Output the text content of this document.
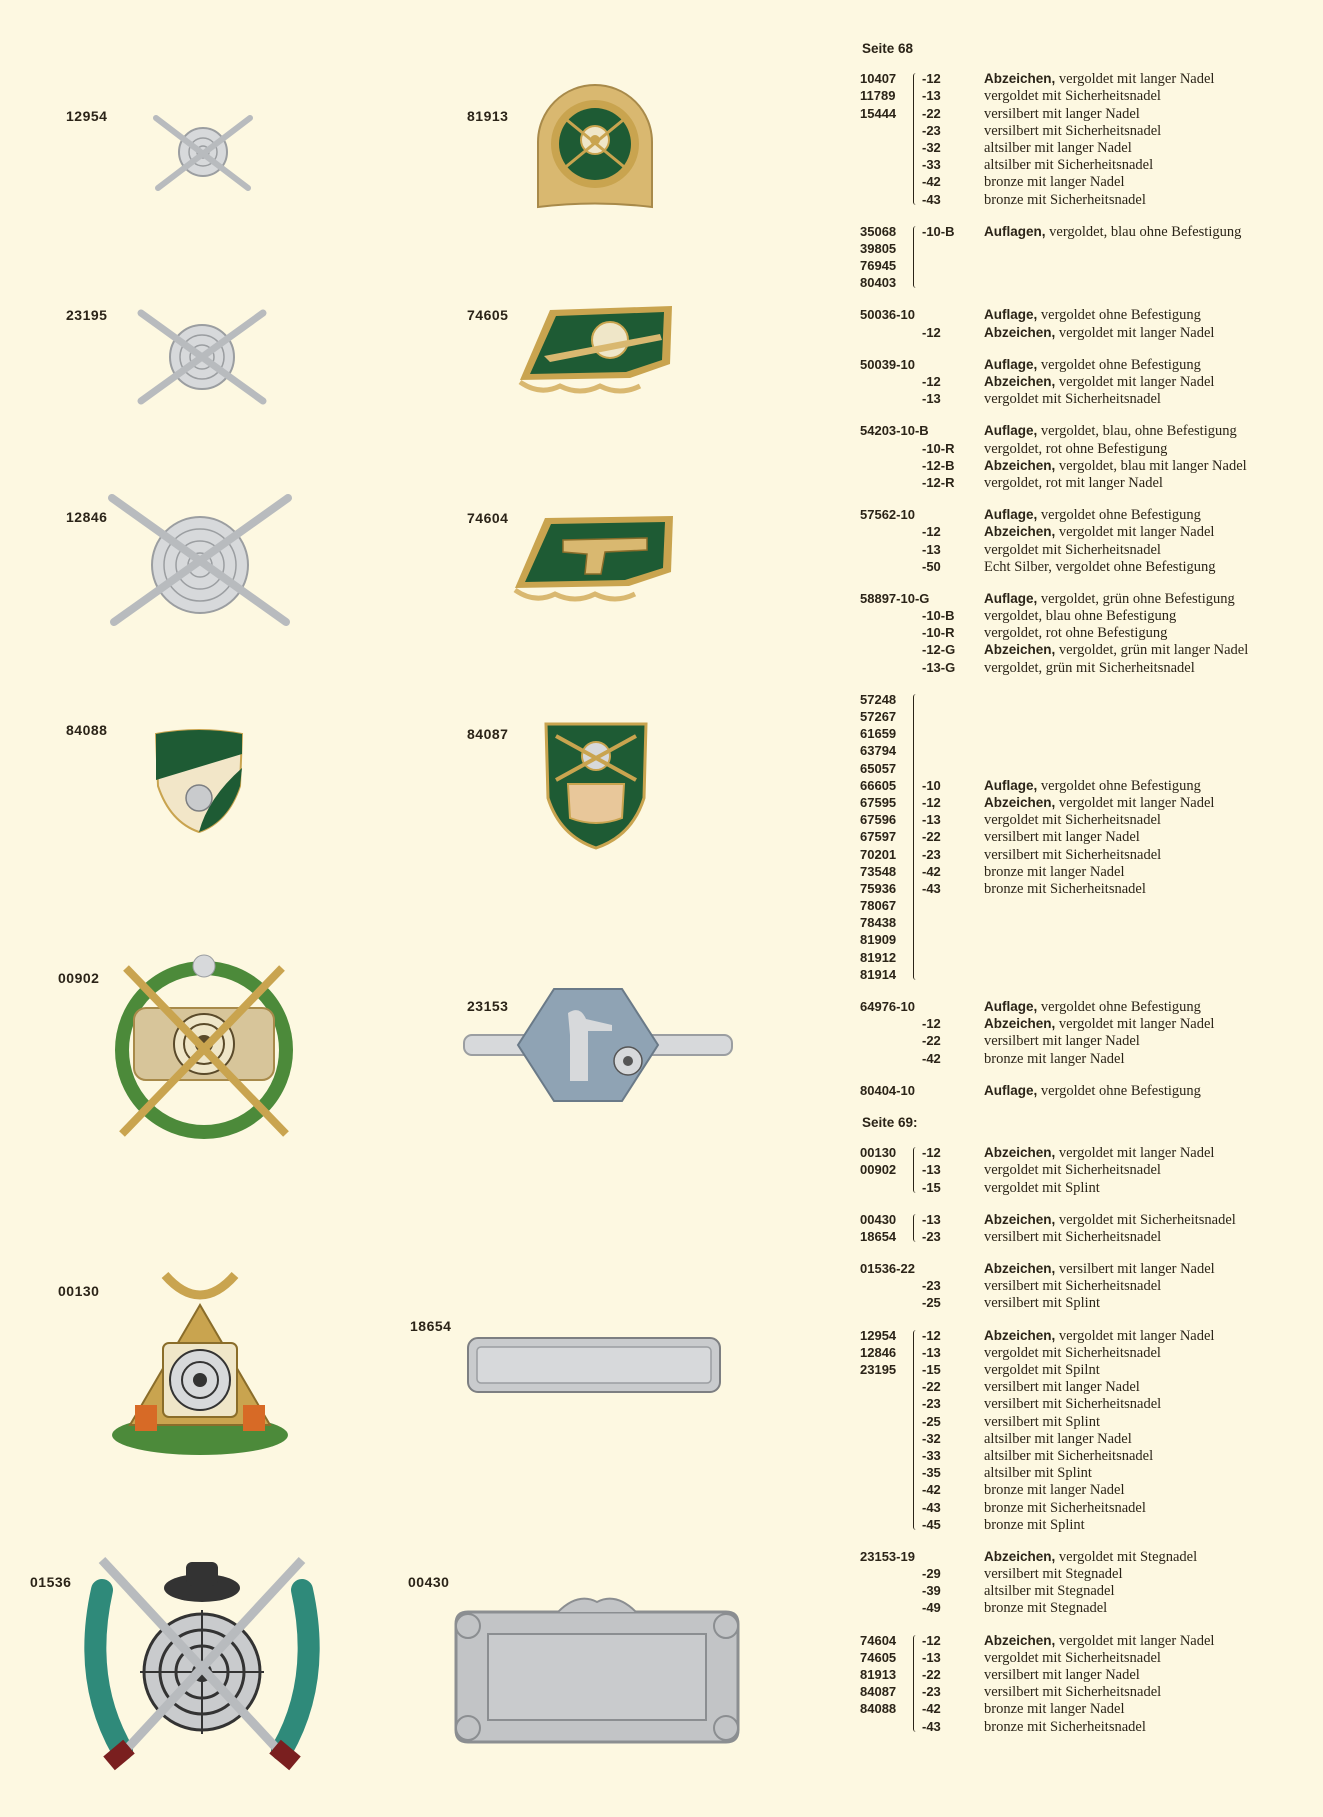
12954
23195
12846
84088
00902
00130
01536
81913
74605
74604
84087
23153
18654
00430
Seite 68
10407
11789
15444
-12
-13
-22
-23
-32
-33
-42
-43
Abzeichen, vergoldet mit langer Nadel
vergoldet mit Sicherheitsnadel
versilbert mit langer Nadel
versilbert mit Sicherheitsnadel
altsilber mit langer Nadel
altsilber mit Sicherheitsnadel
bronze mit langer Nadel
bronze mit Sicherheitsnadel
35068
39805
76945
80403
-10-B	Auflagen, vergoldet, blau ohne Befestigung
50036-10
-12
Auflage, vergoldet ohne Befestigung
Abzeichen, vergoldet mit langer Nadel
50039-10
-12
-13
Auflage, vergoldet ohne Befestigung
Abzeichen, vergoldet mit langer Nadel
vergoldet mit Sicherheitsnadel
54203-10-B
-10-R
-12-B
-12-R
Auflage, vergoldet, blau, ohne Befestigung
vergoldet, rot ohne Befestigung
Abzeichen, vergoldet, blau mit langer Nadel
vergoldet, rot mit langer Nadel
57562-10
-12
-13
-50
Auflage, vergoldet ohne Befestigung
Abzeichen, vergoldet mit langer Nadel
vergoldet mit Sicherheitsnadel
Echt Silber, vergoldet ohne Befestigung
58897-10-G
-10-B
-10-R
-12-G
-13-G
Auflage, vergoldet, grün ohne Befestigung
vergoldet, blau ohne Befestigung
vergoldet, rot ohne Befestigung
Abzeichen, vergoldet, grün mit langer Nadel
vergoldet, grün mit Sicherheitsnadel
57248
57267
61659
63794
65057
66605
67595
67596
67597
70201
73548
75936
78067
78438
81909
81912
81914
-10
-12
-13
-22
-23
-42
-43
Auflage, vergoldet ohne Befestigung
Abzeichen, vergoldet mit langer Nadel
vergoldet mit Sicherheitsnadel
versilbert mit langer Nadel
versilbert mit Sicherheitsnadel
bronze mit langer Nadel
bronze mit Sicherheitsnadel
64976-10
-12
-22
-42
Auflage, vergoldet ohne Befestigung
Abzeichen, vergoldet mit langer Nadel
versilbert mit langer Nadel
bronze mit langer Nadel
80404-10	Auflage, vergoldet ohne Befestigung
Seite 69:
00130
00902
-12
-13
-15
Abzeichen, vergoldet mit langer Nadel
vergoldet mit Sicherheitsnadel
vergoldet mit Splint
00430
18654
-13
-23
Abzeichen, vergoldet mit Sicherheitsnadel
versilbert mit Sicherheitsnadel
01536-22
-23
-25
Abzeichen, versilbert mit langer Nadel
versilbert mit Sicherheitsnadel
versilbert mit Splint
12954
12846
23195
-12
-13
-15
-22
-23
-25
-32
-33
-35
-42
-43
-45
Abzeichen, vergoldet mit langer Nadel
vergoldet mit Sicherheitsnadel
vergoldet mit Spilnt
versilbert mit langer Nadel
versilbert mit Sicherheitsnadel
versilbert mit Splint
altsilber mit langer Nadel
altsilber mit Sicherheitsnadel
altsilber mit Splint
bronze mit langer Nadel
bronze mit Sicherheitsnadel
bronze mit Splint
23153-19
-29
-39
-49
Abzeichen, vergoldet mit Stegnadel
versilbert mit Stegnadel
altsilber mit Stegnadel
bronze mit Stegnadel
74604
74605
81913
84087
84088
-12
-13
-22
-23
-42
-43
Abzeichen, vergoldet mit langer Nadel
vergoldet mit Sicherheitsnadel
versilbert mit langer Nadel
versilbert mit Sicherheitsnadel
bronze mit langer Nadel
bronze mit Sicherheitsnadel
